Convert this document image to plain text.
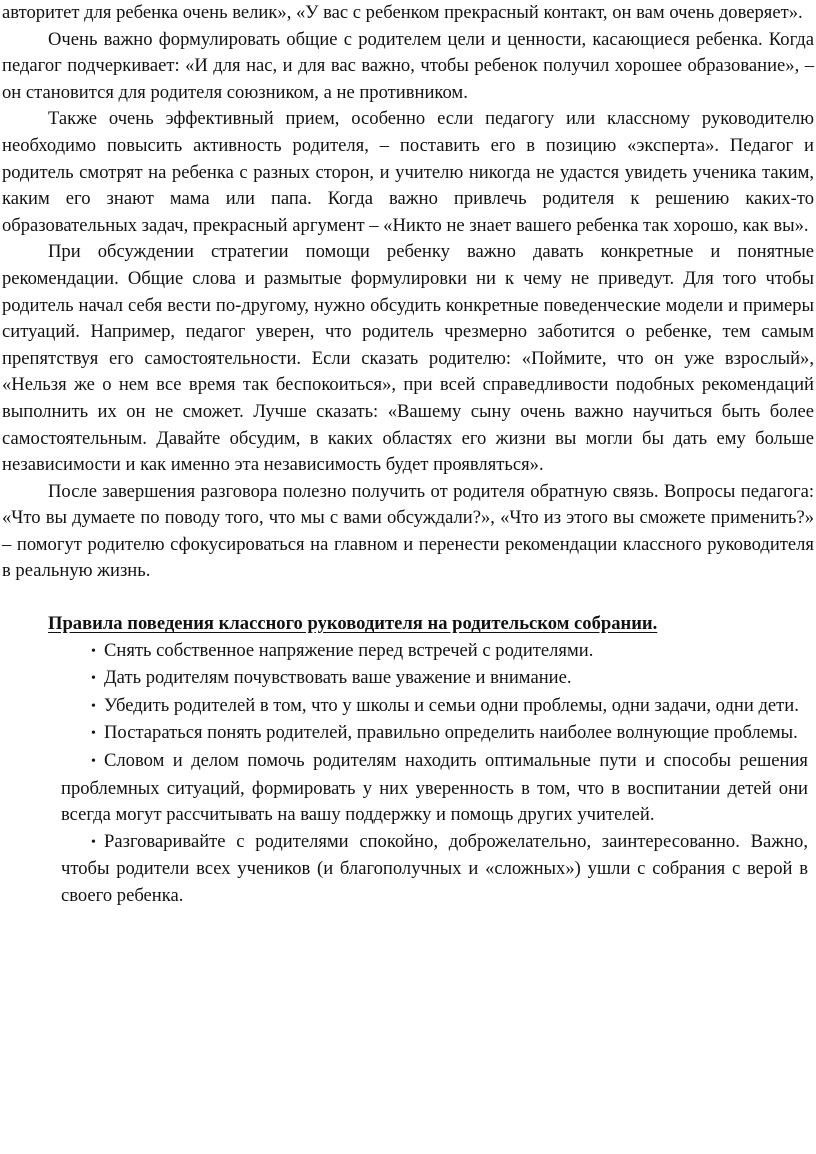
авторитет для ребенка очень велик», «У вас с ребенком прекрасный контакт, он вам очень доверяет».

Очень важно формулировать общие с родителем цели и ценности, касающиеся ребенка. Когда педагог подчеркивает: «И для нас, и для вас важно, чтобы ребенок получил хорошее образование», – он становится для родителя союзником, а не противником.

Также очень эффективный прием, особенно если педагогу или классному руководителю необходимо повысить активность родителя, – поставить его в позицию «эксперта». Педагог и родитель смотрят на ребенка с разных сторон, и учителю никогда не удастся увидеть ученика таким, каким его знают мама или папа. Когда важно привлечь родителя к решению каких-то образовательных задач, прекрасный аргумент – «Никто не знает вашего ребенка так хорошо, как вы».

При обсуждении стратегии помощи ребенку важно давать конкретные и понятные рекомендации. Общие слова и размытые формулировки ни к чему не приведут. Для того чтобы родитель начал себя вести по-другому, нужно обсудить конкретные поведенческие модели и примеры ситуаций. Например, педагог уверен, что родитель чрезмерно заботится о ребенке, тем самым препятствуя его самостоятельности. Если сказать родителю: «Поймите, что он уже взрослый», «Нельзя же о нем все время так беспокоиться», при всей справедливости подобных рекомендаций выполнить их он не сможет. Лучше сказать: «Вашему сыну очень важно научиться быть более самостоятельным. Давайте обсудим, в каких областях его жизни вы могли бы дать ему больше независимости и как именно эта независимость будет проявляться».

После завершения разговора полезно получить от родителя обратную связь. Вопросы педагога: «Что вы думаете по поводу того, что мы с вами обсуждали?», «Что из этого вы сможете применить?» – помогут родителю сфокусироваться на главном и перенести рекомендации классного руководителя в реальную жизнь.

Правила поведения классного руководителя на родительском собрании.

• Снять собственное напряжение перед встречей с родителями.
• Дать родителям почувствовать ваше уважение и внимание.
• Убедить родителей в том, что у школы и семьи одни проблемы, одни задачи, одни дети.
• Постараться понять родителей, правильно определить наиболее волнующие проблемы.
• Словом и делом помочь родителям находить оптимальные пути и способы решения проблемных ситуаций, формировать у них уверенность в том, что в воспитании детей они всегда могут рассчитывать на вашу поддержку и помощь других учителей.
• Разговаривайте с родителями спокойно, доброжелательно, заинтересованно. Важно, чтобы родители всех учеников (и благополучных и «сложных») ушли с собрания с верой в своего ребенка.
